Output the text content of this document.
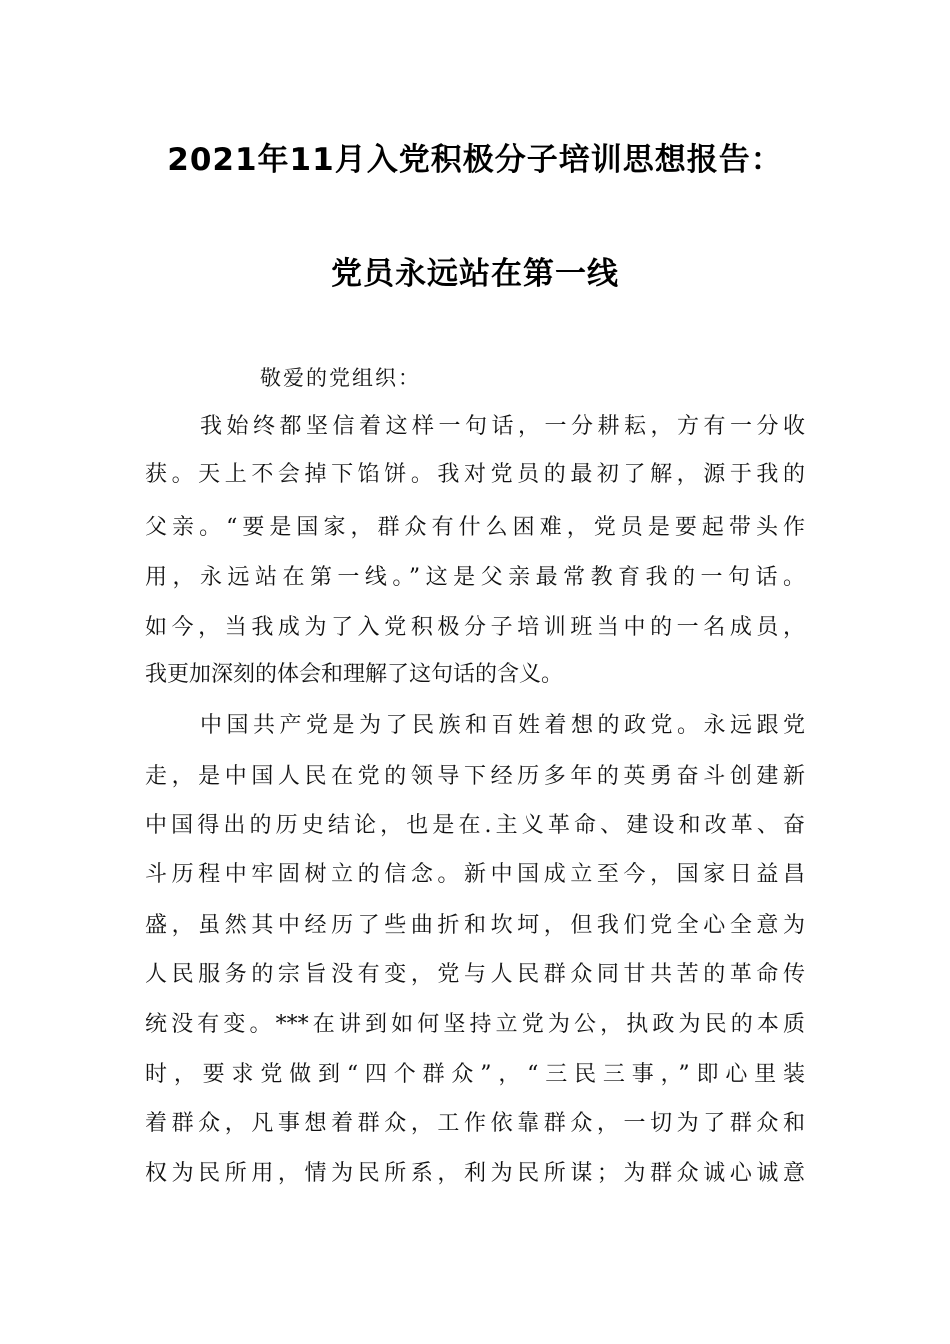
2021年11月入党积极分子培训思想报告：
党员永远站在第一线
敬爱的党组织：
我始终都坚信着这样一句话，一分耕耘，方有一分收
获。天上不会掉下馅饼。我对党员的最初了解，源于我的
父亲。“要是国家，群众有什么困难，党员是要起带头作
用，永远站在第一线。”这是父亲最常教育我的一句话。
如今，当我成为了入党积极分子培训班当中的一名成员，
我更加深刻的体会和理解了这句话的含义。
中国共产党是为了民族和百姓着想的政党。永远跟党
走，是中国人民在党的领导下经历多年的英勇奋斗创建新
中国得出的历史结论，也是在.主义革命、建设和改革、奋
斗历程中牢固树立的信念。新中国成立至今，国家日益昌
盛，虽然其中经历了些曲折和坎坷，但我们党全心全意为
人民服务的宗旨没有变，党与人民群众同甘共苦的革命传
统没有变。***在讲到如何坚持立党为公，执政为民的本质
时，要求党做到“四个群众”，“三民三事，”即心里装
着群众，凡事想着群众，工作依靠群众，一切为了群众和
权为民所用，情为民所系，利为民所谋；为群众诚心诚意
